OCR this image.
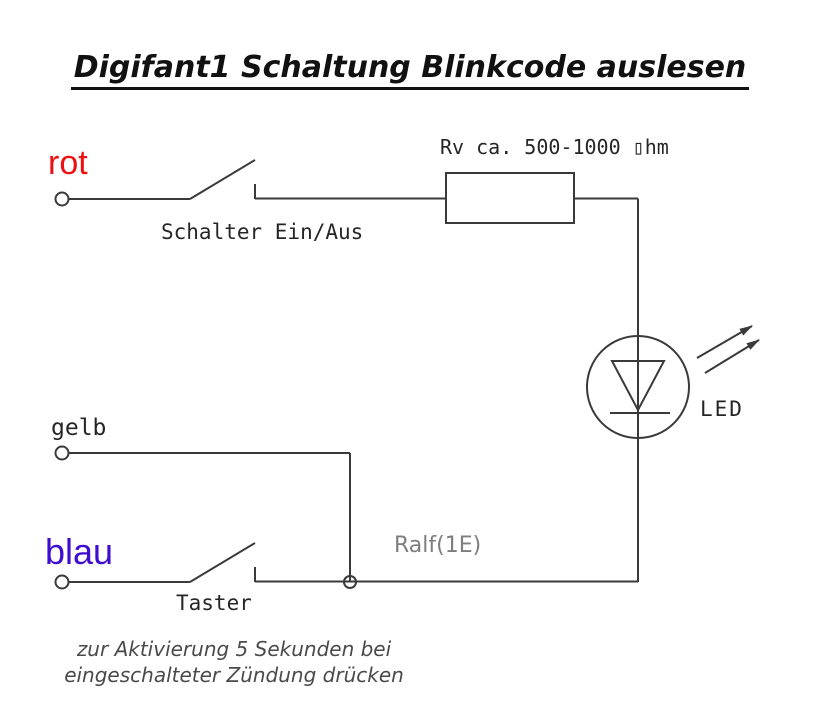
Digifant1 Schaltung Blinkcode auslesen
rot
gelb
blau
Schalter Ein/Aus
Rv ca. 500-1000 ▯hm
LED
Taster
Ralf(1E)
zur Aktivierung 5 Sekunden bei
eingeschalteter Zündung drücken
